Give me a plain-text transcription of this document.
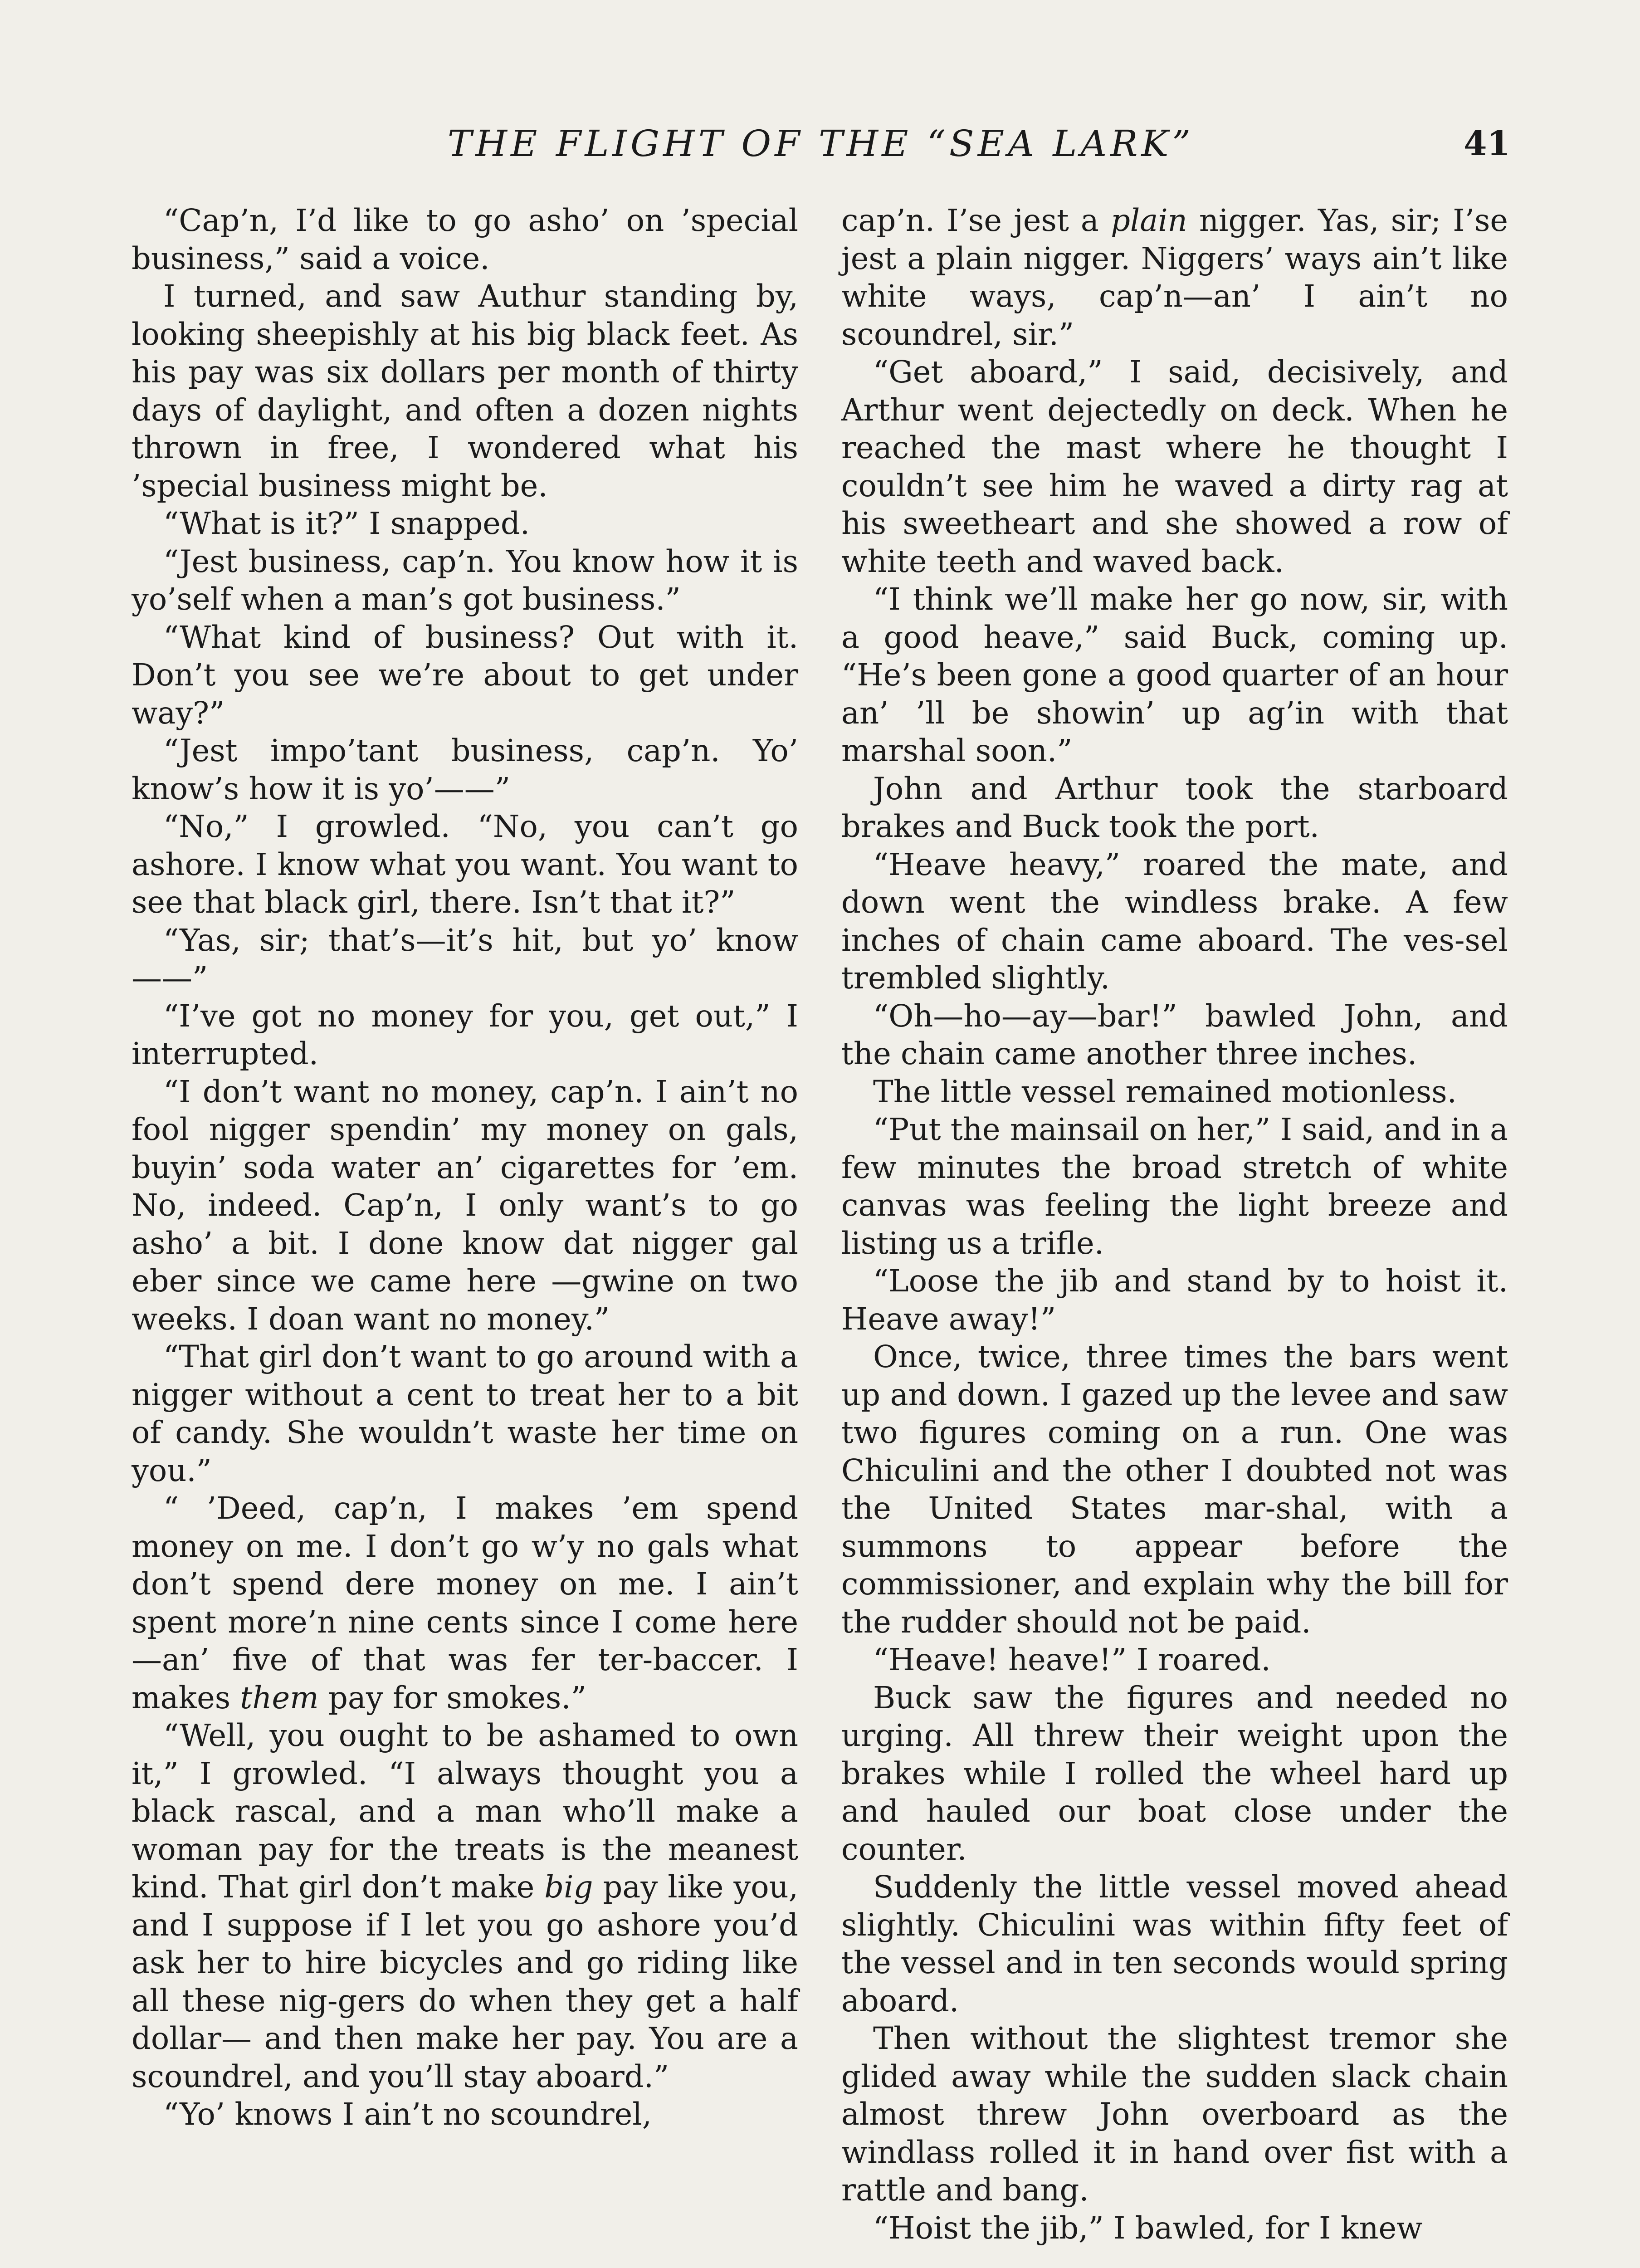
THE FLIGHT OF THE “SEA LARK”	41

“Cap’n, I’d like to go asho’ on ’special business,” said a voice.

I turned, and saw Authur standing by, looking sheepishly at his big black feet. As his pay was six dollars per month of thirty days of daylight, and often a dozen nights thrown in free, I wondered what his ’special business might be.

“What is it?” I snapped.

“Jest business, cap’n. You know how it is yo’self when a man’s got business.”

“What kind of business? Out with it. Don’t you see we’re about to get under way?”

“Jest impo’tant business, cap’n. Yo’ know’s how it is yo’——”

“No,” I growled. “No, you can’t go ashore. I know what you want. You want to see that black girl, there. Isn’t that it?”

“Yas, sir; that’s—it’s hit, but yo’ know——”

“I’ve got no money for you, get out,” I interrupted.

“I don’t want no money, cap’n. I ain’t no fool nigger spendin’ my money on gals, buyin’ soda water an’ cigarettes for ’em. No, indeed. Cap’n, I only want’s to go asho’ a bit. I done know dat nigger gal eber since we came here —gwine on two weeks. I doan want no money.”

“That girl don’t want to go around with a nigger without a cent to treat her to a bit of candy. She wouldn’t waste her time on you.”

“ ’Deed, cap’n, I makes ’em spend money on me. I don’t go w’y no gals what don’t spend dere money on me. I ain’t spent more’n nine cents since I come here—an’ five of that was fer ter-baccer. I makes them pay for smokes.”

“Well, you ought to be ashamed to own it,” I growled. “I always thought you a black rascal, and a man who’ll make a woman pay for the treats is the meanest kind. That girl don’t make big pay like you, and I suppose if I let you go ashore you’d ask her to hire bicycles and go riding like all these nig-gers do when they get a half dollar— and then make her pay. You are a scoundrel, and you’ll stay aboard.”

“Yo’ knows I ain’t no scoundrel,

cap’n. I’se jest a plain nigger. Yas, sir; I’se jest a plain nigger. Niggers’ ways ain’t like white ways, cap’n—an’ I ain’t no scoundrel, sir.”

“Get aboard,” I said, decisively, and Arthur went dejectedly on deck. When he reached the mast where he thought I couldn’t see him he waved a dirty rag at his sweetheart and she showed a row of white teeth and waved back.

“I think we’ll make her go now, sir, with a good heave,” said Buck, coming up. “He’s been gone a good quarter of an hour an’ ’ll be showin’ up ag’in with that marshal soon.”

John and Arthur took the starboard brakes and Buck took the port.

“Heave heavy,” roared the mate, and down went the windless brake. A few inches of chain came aboard. The ves-sel trembled slightly.

“Oh—ho—ay—bar!” bawled John, and the chain came another three inches.

The little vessel remained motionless.

“Put the mainsail on her,” I said, and in a few minutes the broad stretch of white canvas was feeling the light breeze and listing us a trifle.

“Loose the jib and stand by to hoist it. Heave away!”

Once, twice, three times the bars went up and down. I gazed up the levee and saw two figures coming on a run. One was Chiculini and the other I doubted not was the United States mar-shal, with a summons to appear before the commissioner, and explain why the bill for the rudder should not be paid.

“Heave! heave!” I roared.

Buck saw the figures and needed no urging. All threw their weight upon the brakes while I rolled the wheel hard up and hauled our boat close under the counter.

Suddenly the little vessel moved ahead slightly. Chiculini was within fifty feet of the vessel and in ten seconds would spring aboard.

Then without the slightest tremor she glided away while the sudden slack chain almost threw John overboard as the windlass rolled it in hand over fist with a rattle and bang.

“Hoist the jib,” I bawled, for I knew
